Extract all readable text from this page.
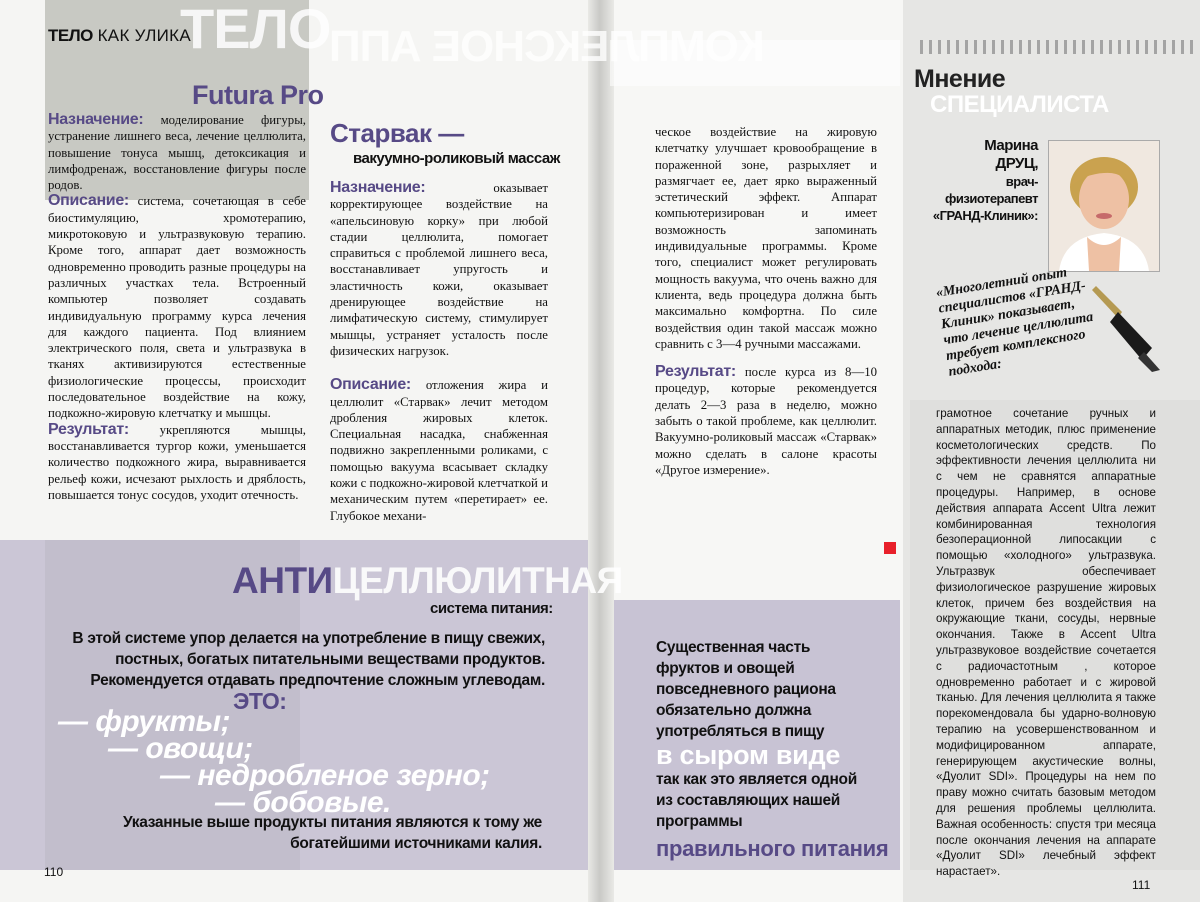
ТЕЛО КОМПЛЕКСНОЕ АПП
ТЕЛО КАК УЛИКА
Futura Pro

Назначение: моделирование фигуры, устранение лишнего веса, лечение целлюлита, повышение тонуса мышц, детоксикация и лимфодренаж, восстановление фигуры после родов.

Описание: система, сочетающая в себе биостимуляцию, хромотерапию, микротоковую и ультразвуковую терапию. Кроме того, аппарат дает возможность одновременно проводить разные процедуры на различных участках тела. Встроенный компьютер позволяет создавать индивидуальную программу курса лечения для каждого пациента. Под влиянием электрического поля, света и ультразвука в тканях активизируются естественные физиологические процессы, происходит последовательное воздействие на кожу, подкожно-жировую клетчатку и мышцы.

Результат: укрепляются мышцы, восстанавливается тургор кожи, уменьшается количество подкожного жира, выравнивается рельеф кожи, исчезают рыхлость и дряблость, повышается тонус сосудов, уходит отечность.

Старвак —
вакуумно-роликовый массаж

Назначение:	оказывает корректирующее воздействие на «апельсиновую корку» при любой стадии целлюлита, помогает справиться с проблемой лишнего веса, восстанавливает упругость и эластичность кожи, оказывает дренирующее воздействие на лимфатическую систему, стимулирует мышцы, устраняет усталость после физических нагрузок.

Описание: отложения жира и целлюлит «Старвак» лечит методом дробления жировых клеток. Специальная насадка, снабженная подвижно закрепленными роликами, с помощью вакуума всасывает складку кожи с подкожно-жировой клетчаткой и механическим путем «перетирает» ее. Глубокое механи-

ческое воздействие на жировую клетчатку улучшает кровообращение в пораженной зоне, разрыхляет и размягчает ее, дает ярко выраженный эстетический эффект. Аппарат компьютеризирован и имеет возможность запоминать индивидуальные программы. Кроме того, специалист может регулировать мощность вакуума, что очень важно для клиента, ведь процедура должна быть максимально комфортна. По силе воздействия один такой массаж можно сравнить с 3—4 ручными массажами.

Результат: после курса из 8—10 процедур, которые рекомендуется делать 2—3 раза в неделю, можно забыть о такой проблеме, как целлюлит. Вакуумно-роликовый массаж «Старвак» можно сделать в салоне красоты «Другое измерение».

АНТИЦЕЛЛЮЛИТНАЯ
система питания:
В этой системе упор делается на употребление в пищу свежих, постных, богатых питательными веществами продуктов. Рекомендуется отдавать предпочтение сложным углеводам.
ЭТО:
— фрукты;
— овощи;
— недробленое зерно;
— бобовые.
Указанные выше продукты питания являются к тому же богатейшими источниками калия.
Существенная часть фруктов и овощей повседневного рациона обязательно должна употребляться в пищу
в сыром виде
так как это является одной из составляющих нашей программы
правильного питания
Мнение
СПЕЦИАЛИСТА
Марина
ДРУЦ,
врач-
физиотерапевт
«ГРАНД-Клиник»:
«Многолетний опыт специалистов «ГРАНД-Клиник» показывает, что лечение целлюлита требует комплексного подхода:
грамотное сочетание ручных и аппаратных методик, плюс применение косметологических средств. По эффективности лечения целлюлита ни с чем не сравнятся аппаратные процедуры. Например, в основе действия аппарата Accent Ultra лежит комбинированная технология безоперационной липосакции с помощью «холодного» ультразвука. Ультразвук обеспечивает физиологическое разрушение жировых клеток, причем без воздействия на окружающие ткани, сосуды, нервные окончания. Также в Accent Ultra ультразвуковое воздействие сочетается с радиочастотным , которое одновременно работает и с жировой тканью. Для лечения целлюлита я также порекомендовала бы ударно-волновую терапию на усовершенствованном и модифицированном аппарате, генерирующем акустические волны, «Дуолит SDI». Процедуры на нем по праву можно считать базовым методом для решения проблемы целлюлита. Важная особенность: спустя три месяца после окончания лечения на аппарате «Дуолит SDI» лечебный эффект нарастает».
110
111
